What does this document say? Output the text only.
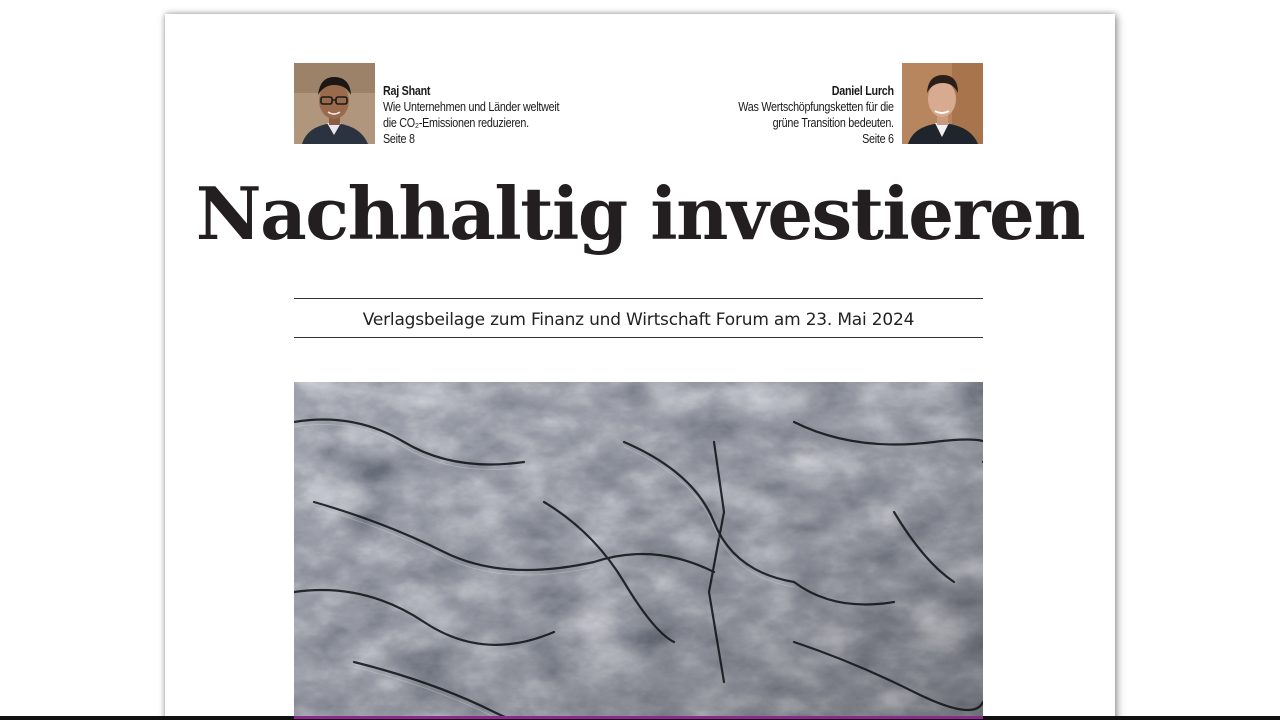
Raj Shant
Wie Unternehmen und Länder weltweit
die CO₂-Emissionen reduzieren.
Seite 8
Daniel Lurch
Was Wertschöpfungsketten für die
grüne Transition bedeuten.
Seite 6
Nachhaltig investieren
Verlagsbeilage zum Finanz und Wirtschaft Forum am 23. Mai 2024
